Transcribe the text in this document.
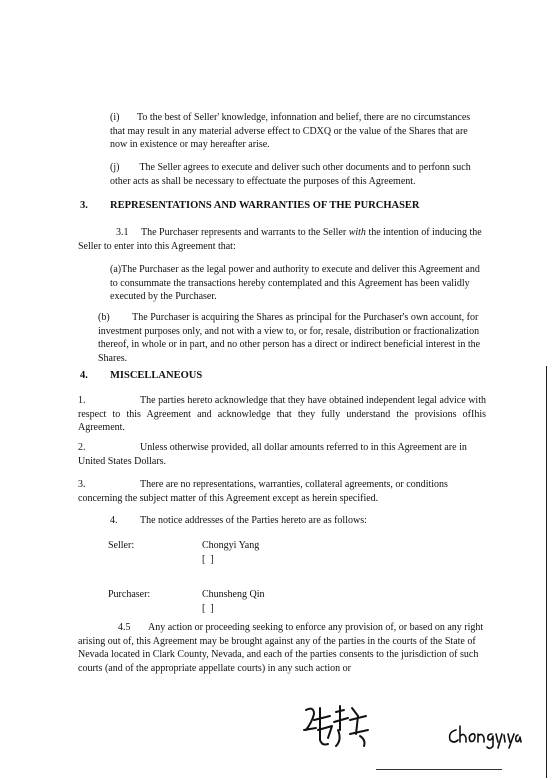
(i)       To the best of Seller' knowledge, infonnation and belief, there are no circumstances that may result in any material adverse effect to CDXQ or the value of the Shares that are now in existence or may hereafter arise.

(j)        The Seller agrees to execute and deliver such other documents and to perfonn such other acts as shall be necessary to effectuate the purposes of this Agreement.

3. REPRESENTATIONS AND WARRANTIES OF THE PURCHASER

3.1     The Purchaser represents and warrants to the Seller with the intention of inducing the Seller to enter into this Agreement that:

(a)The Purchaser as the legal power and authority to execute and deliver this Agreement and to consummate the transactions hereby contemplated and this Agreement has been validly executed by the Purchaser.

(b)         The Purchaser is acquiring the Shares as principal for the Purchaser's own account, for investment purposes only, and not with a view to, or for, resale, distribution or fractionalization thereof, in whole or in part, and no other person has a direct or indirect beneficial interest in the Shares.

4. MISCELLANEOUS
1.	The parties hereto acknowledge that they have obtained independent legal advice with respect to this Agreement and acknowledge that they fully understand the provisions ofIhis Agreement.

2.	Unless otherwise provided, all dollar amounts referred to in this Agreement are in United States Dollars.

3.	There are no representations, warranties, collateral agreements, or conditions concerning the subject matter of this Agreement except as herein specified.

4. The notice addresses of the Parties hereto are as follows:

Seller:	Chongyi Yang
[  ]
Purchaser:	Chunsheng Qin
[  ]

4.5       Any action or proceeding seeking to enforce any provision of, or based on any right arising out of, this Agreement may be brought against any of the parties in the courts of the State of Nevada located in Clark County, Nevada, and each of the parties consents to the jurisdiction of such courts (and of the appropriate appellate courts) in any such action or
